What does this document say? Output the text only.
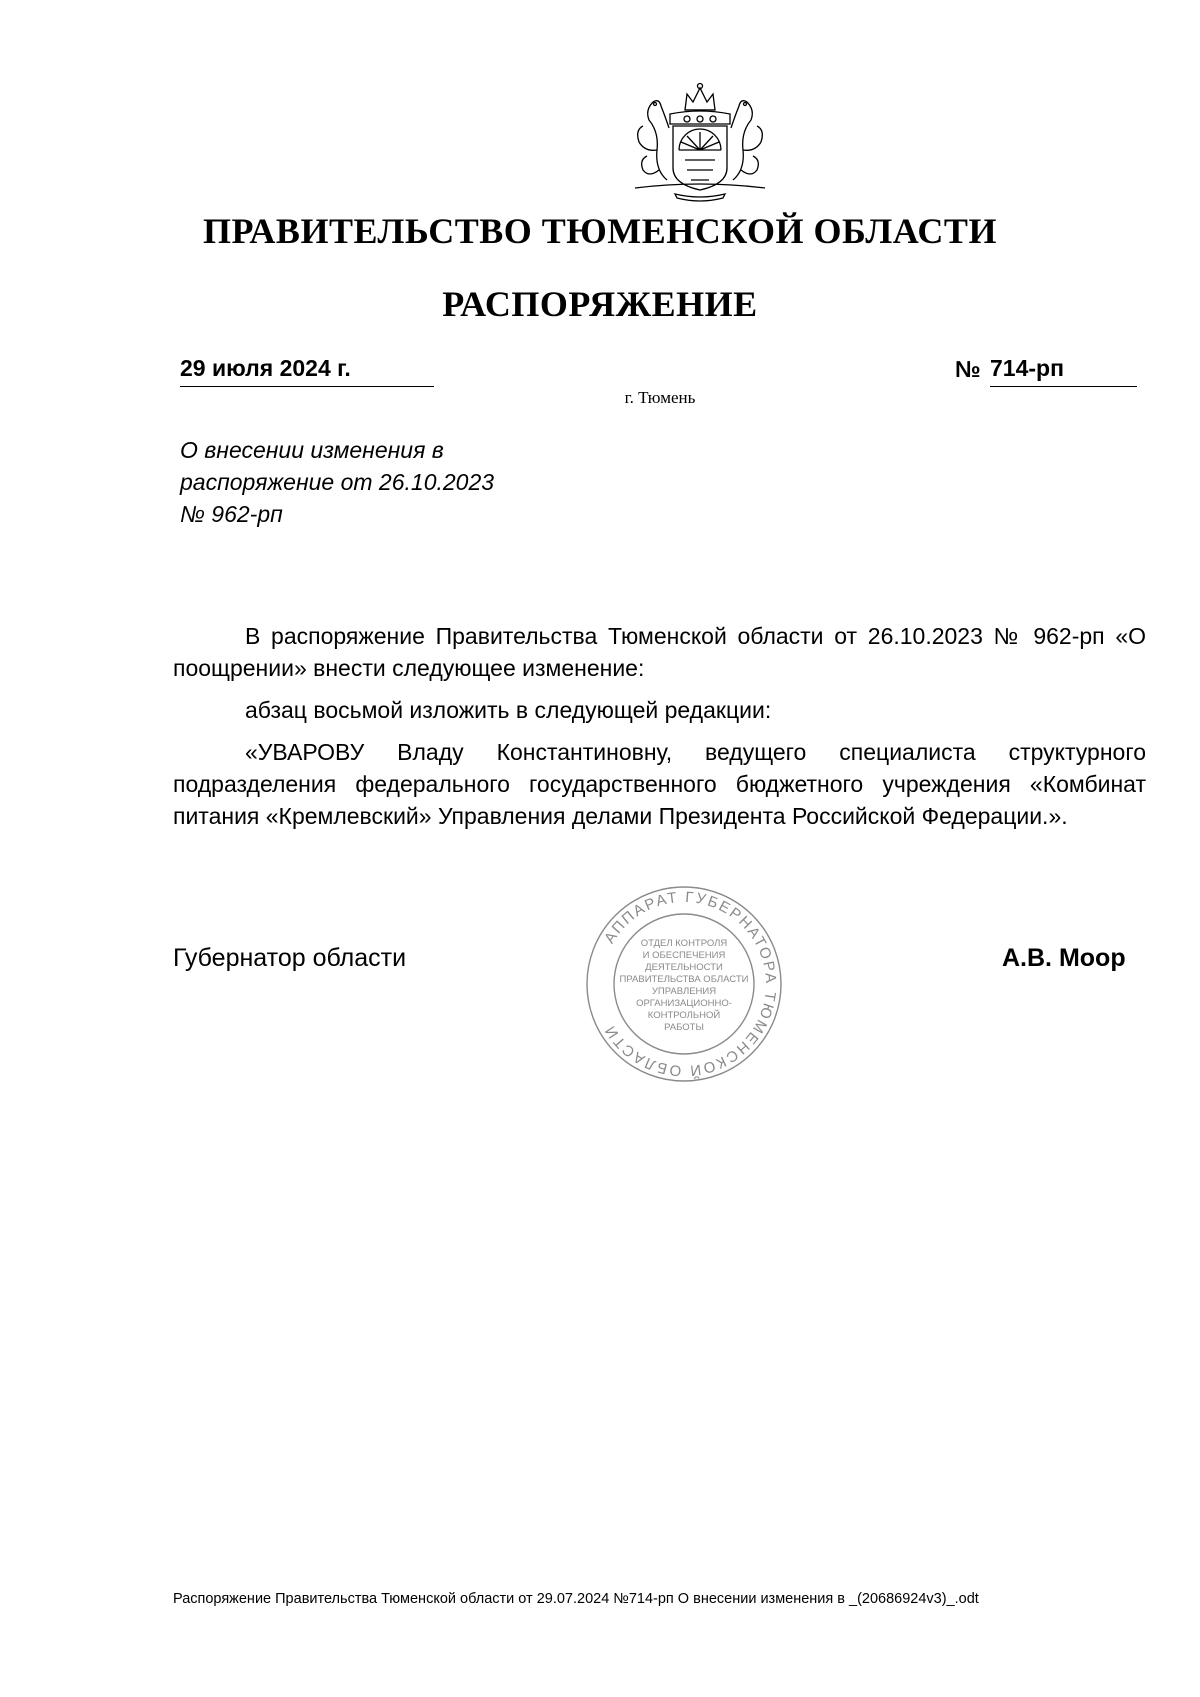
ПРАВИТЕЛЬСТВО ТЮМЕНСКОЙ ОБЛАСТИ
РАСПОРЯЖЕНИЕ
29 июля 2024 г.	№ 714-рп
г. Тюмень
О внесении изменения в
распоряжение от 26.10.2023
№ 962-рп
В распоряжение Правительства Тюменской области от 26.10.2023 № 962-рп «О поощрении» внести следующее изменение:
абзац восьмой изложить в следующей редакции:
«УВАРОВУ Владу Константиновну, ведущего специалиста структурного подразделения федерального государственного бюджетного учреждения «Комбинат питания «Кремлевский» Управления делами Президента Российской Федерации.».
АППАРАТ ГУБЕРНАТОРА ТЮМЕНСКОЙ ОБЛАСТИ
ОТДЕЛ КОНТРОЛЯ
И ОБЕСПЕЧЕНИЯ
ДЕЯТЕЛЬНОСТИ
ПРАВИТЕЛЬСТВА ОБЛАСТИ
УПРАВЛЕНИЯ
ОРГАНИЗАЦИОННО-
КОНТРОЛЬНОЙ
РАБОТЫ
Губернатор области	А.В. Моор
Распоряжение Правительства Тюменской области от 29.07.2024 №714-рп О внесении изменения в _(20686924v3)_.odt
